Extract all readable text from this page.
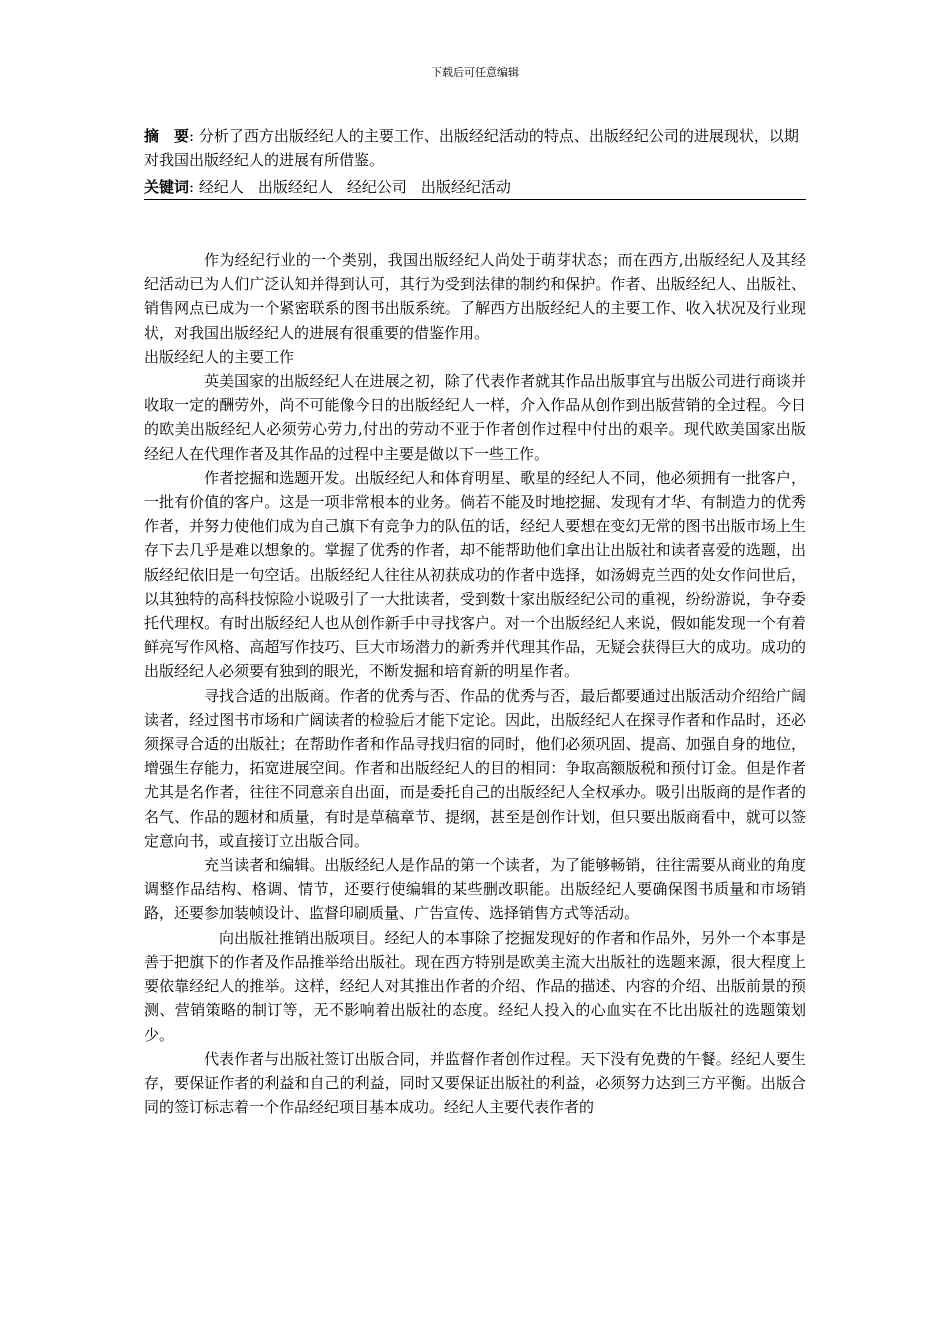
下载后可任意编辑
摘　要: 分析了西方出版经纪人的主要工作、出版经纪活动的特点、出版经纪公司的进展现状，以期对我国出版经纪人的进展有所借鉴。
关键词: 经纪人 出版经纪人 经纪公司 出版经纪活动

作为经纪行业的一个类别，我国出版经纪人尚处于萌芽状态；而在西方,出版经纪人及其经纪活动已为人们广泛认知并得到认可，其行为受到法律的制约和保护。作者、出版经纪人、出版社、销售网点已成为一个紧密联系的图书出版系统。了解西方出版经纪人的主要工作、收入状况及行业现状，对我国出版经纪人的进展有很重要的借鉴作用。

出版经纪人的主要工作

英美国家的出版经纪人在进展之初，除了代表作者就其作品出版事宜与出版公司进行商谈并收取一定的酬劳外，尚不可能像今日的出版经纪人一样，介入作品从创作到出版营销的全过程。今日的欧美出版经纪人必须劳心劳力,付出的劳动不亚于作者创作过程中付出的艰辛。现代欧美国家出版经纪人在代理作者及其作品的过程中主要是做以下一些工作。

作者挖掘和选题开发。出版经纪人和体育明星、歌星的经纪人不同，他必须拥有一批客户，一批有价值的客户。这是一项非常根本的业务。倘若不能及时地挖掘、发现有才华、有制造力的优秀作者，并努力使他们成为自己旗下有竞争力的队伍的话，经纪人要想在变幻无常的图书出版市场上生存下去几乎是难以想象的。掌握了优秀的作者，却不能帮助他们拿出让出版社和读者喜爱的选题，出版经纪依旧是一句空话。出版经纪人往往从初获成功的作者中选择，如汤姆克兰西的处女作问世后，以其独特的高科技惊险小说吸引了一大批读者，受到数十家出版经纪公司的重视，纷纷游说，争夺委托代理权。有时出版经纪人也从创作新手中寻找客户。对一个出版经纪人来说，假如能发现一个有着鲜亮写作风格、高超写作技巧、巨大市场潜力的新秀并代理其作品，无疑会获得巨大的成功。成功的出版经纪人必须要有独到的眼光，不断发掘和培育新的明星作者。

寻找合适的出版商。作者的优秀与否、作品的优秀与否，最后都要通过出版活动介绍给广阔读者，经过图书市场和广阔读者的检验后才能下定论。因此，出版经纪人在探寻作者和作品时，还必须探寻合适的出版社；在帮助作者和作品寻找归宿的同时，他们必须巩固、提高、加强自身的地位，增强生存能力，拓宽进展空间。作者和出版经纪人的目的相同：争取高额版税和预付订金。但是作者尤其是名作者，往往不同意亲自出面，而是委托自己的出版经纪人全权承办。吸引出版商的是作者的名气、作品的题材和质量，有时是草稿章节、提纲，甚至是创作计划，但只要出版商看中，就可以签定意向书，或直接订立出版合同。

充当读者和编辑。出版经纪人是作品的第一个读者，为了能够畅销，往往需要从商业的角度调整作品结构、格调、情节，还要行使编辑的某些删改职能。出版经纪人要确保图书质量和市场销路，还要参加装帧设计、监督印刷质量、广告宣传、选择销售方式等活动。

向出版社推销出版项目。经纪人的本事除了挖掘发现好的作者和作品外，另外一个本事是善于把旗下的作者及作品推举给出版社。现在西方特别是欧美主流大出版社的选题来源，很大程度上要依靠经纪人的推举。这样，经纪人对其推出作者的介绍、作品的描述、内容的介绍、出版前景的预测、营销策略的制订等，无不影响着出版社的态度。经纪人投入的心血实在不比出版社的选题策划少。

代表作者与出版社签订出版合同，并监督作者创作过程。天下没有免费的午餐。经纪人要生存，要保证作者的利益和自己的利益，同时又要保证出版社的利益，必须努力达到三方平衡。出版合同的签订标志着一个作品经纪项目基本成功。经纪人主要代表作者的
